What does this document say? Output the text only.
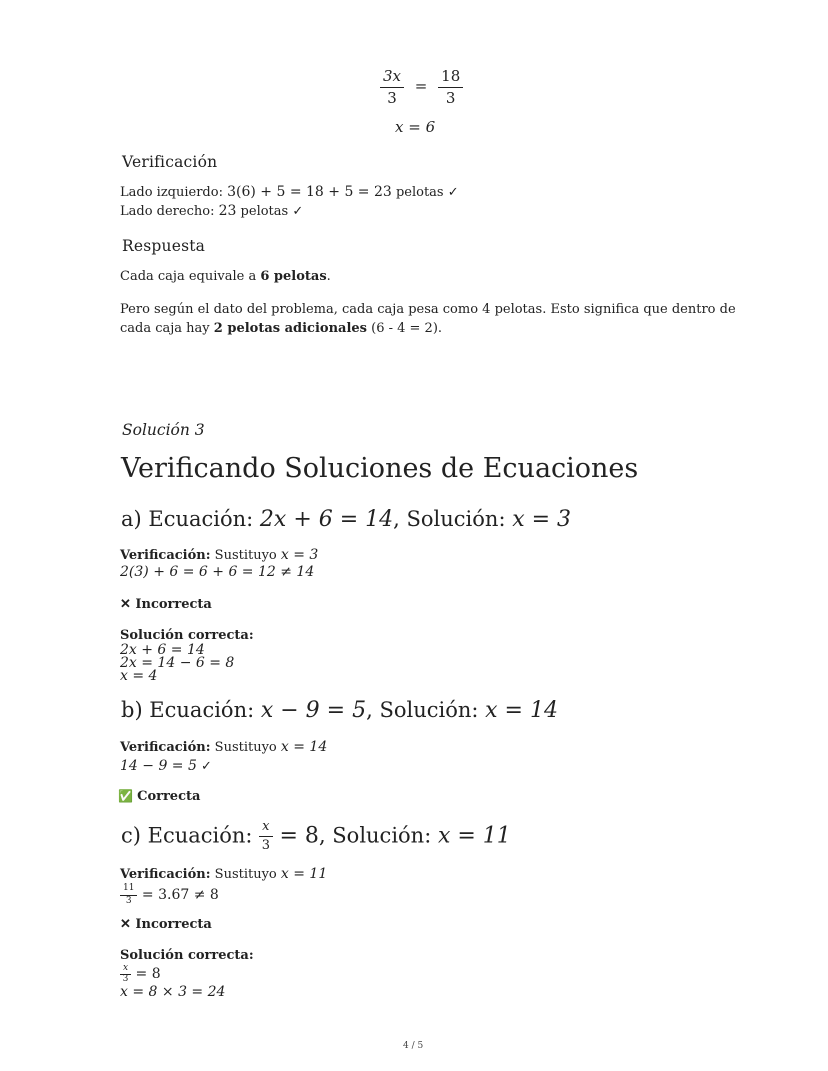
$\frac{3x}{3} = \frac{18}{3}$
x = 6
Verificación
Lado izquierdo: 3(6) + 5 = 18 + 5 = 23 pelotas ✓
Lado derecho: 23 pelotas ✓
Respuesta
Cada caja equivale a 6 pelotas.
Pero según el dato del problema, cada caja pesa como 4 pelotas. Esto significa que dentro de
cada caja hay 2 pelotas adicionales (6 - 4 = 2).
Solución 3
Verificando Soluciones de Ecuaciones
a) Ecuación: 2x + 6 = 14, Solución: x = 3
Verificación: Sustituyo x = 3
2(3) + 6 = 6 + 6 = 12 ≠ 14
✕ Incorrecta
Solución correcta:
2x + 6 = 14
2x = 14 − 6 = 8
x = 4
b) Ecuación: x − 9 = 5, Solución: x = 14
Verificación: Sustituyo x = 14
14 − 9 = 5 ✓
✅ Correcta
c) Ecuación: $\frac{x}{3} = 8$, Solución: x = 11
Verificación: Sustituyo x = 11
$\frac{11}{3} = 3.67 \ne 8$
✕ Incorrecta
Solución correcta:
$\frac{x}{3} = 8$
x = 8 × 3 = 24
4 / 5
